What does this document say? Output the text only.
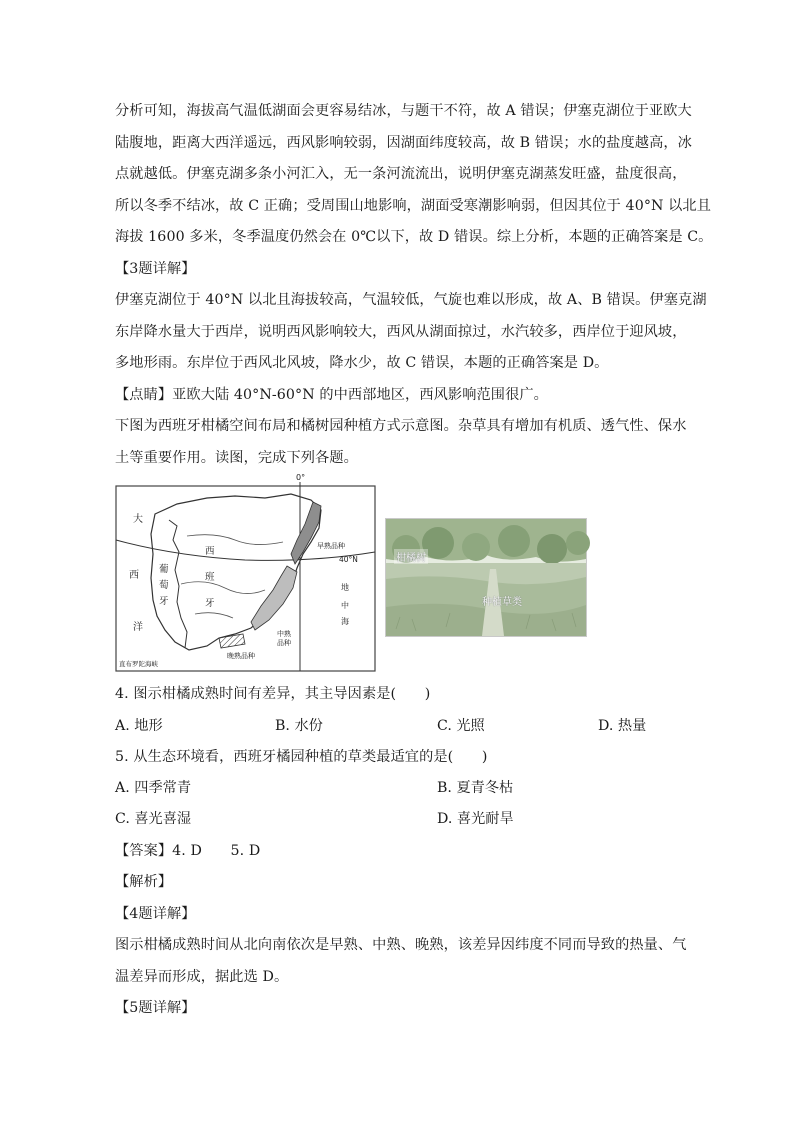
分析可知，海拔高气温低湖面会更容易结冰，与题干不符，故 A 错误；伊塞克湖位于亚欧大

陆腹地，距离大西洋遥远，西风影响较弱，因湖面纬度较高，故 B 错误；水的盐度越高，冰

点就越低。伊塞克湖多条小河汇入，无一条河流流出，说明伊塞克湖蒸发旺盛，盐度很高，

所以冬季不结冰，故 C 正确；受周围山地影响，湖面受寒潮影响弱，但因其位于 40°N 以北且

海拔 1600 多米，冬季温度仍然会在 0℃以下，故 D 错误。综上分析，本题的正确答案是 C。

【3题详解】

伊塞克湖位于 40°N 以北且海拔较高，气温较低，气旋也难以形成，故 A、B 错误。伊塞克湖

东岸降水量大于西岸，说明西风影响较大，西风从湖面掠过，水汽较多，西岸位于迎风坡，

多地形雨。东岸位于西风北风坡，降水少，故 C 错误，本题的正确答案是 D。

【点睛】亚欧大陆 40°N-60°N 的中西部地区，西风影响范围很广。

下图为西班牙柑橘空间布局和橘树园种植方式示意图。杂草具有增加有机质、透气性、保水

土等重要作用。读图，完成下列各题。

0°
40°N
大
西
洋
地
中
海
葡
萄
牙
西
班
牙
早熟品种
中熟
品种
晚熟品种
直布罗陀海峡
柑橘树
种植草类

4. 图示柑橘成熟时间有差异，其主导因素是(　　)

A. 地形	B. 水份	C. 光照	D. 热量

5. 从生态环境看，西班牙橘园种植的草类最适宜的是(　　)

A. 四季常青	B. 夏青冬枯

C. 喜光喜湿	D. 喜光耐旱

【答案】4. D　　5. D

【解析】

【4题详解】

图示柑橘成熟时间从北向南依次是早熟、中熟、晚熟，该差异因纬度不同而导致的热量、气

温差异而形成，据此选 D。

【5题详解】
